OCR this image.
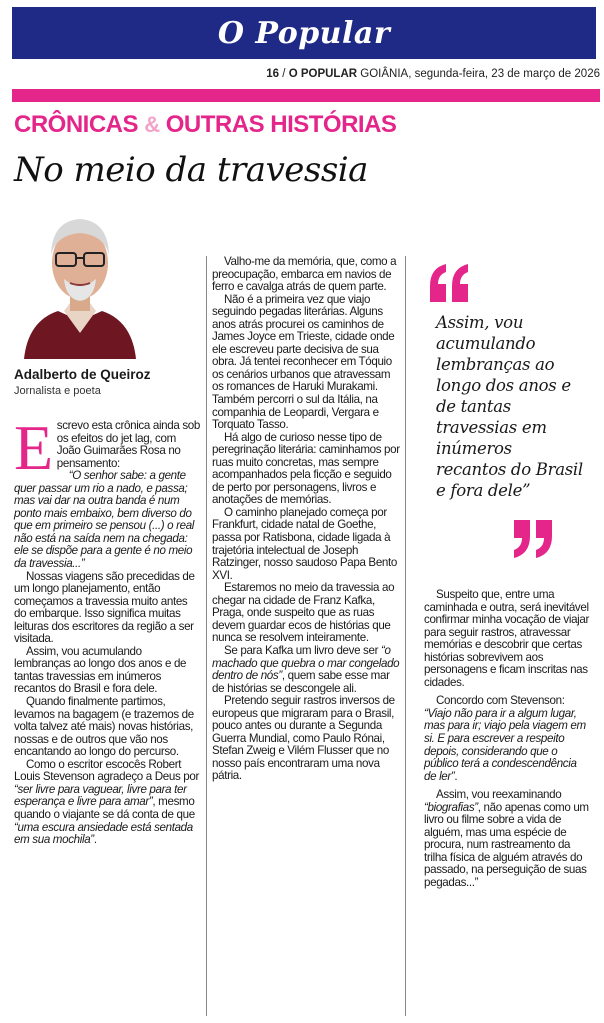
O Popular
16 / O POPULAR GOIÂNIA, segunda-feira, 23 de março de 2026
CRÔNICAS & OUTRAS HISTÓRIAS
No meio da travessia
Adalberto de Queiroz
Jornalista e poeta

Escrevo esta crônica ainda sob os efeitos do jet lag, com João Guimarães Rosa no pensamento:

“O senhor sabe: a gente quer passar um rio a nado, e passa; mas vai dar na outra banda é num ponto mais embaixo, bem diverso do que em primeiro se pensou (...) o real não está na saída nem na chegada: ele se dispõe para a gente é no meio da travessia...”

Nossas viagens são precedidas de um longo planejamento, então começamos a travessia muito antes do embarque. Isso significa muitas leituras dos escritores da região a ser visitada.

Assim, vou acumulando lembranças ao longo dos anos e de tantas travessias em inúmeros recantos do Brasil e fora dele.

Quando finalmente partimos, levamos na bagagem (e trazemos de volta talvez até mais) novas histórias, nossas e de outros que vão nos encantando ao longo do percurso.

Como o escritor escocês Robert Louis Stevenson agradeço a Deus por “ser livre para vaguear, livre para ter esperança e livre para amar”, mesmo quando o viajante se dá conta de que “uma escura ansiedade está sentada em sua mochila”.

Valho-me da memória, que, como a preocupação, embarca em navios de ferro e cavalga atrás de quem parte.

Não é a primeira vez que viajo seguindo pegadas literárias. Alguns anos atrás procurei os caminhos de James Joyce em Trieste, cidade onde ele escreveu parte decisiva de sua obra. Já tentei reconhecer em Tóquio os cenários urbanos que atravessam os romances de Haruki Murakami. Também percorri o sul da Itália, na companhia de Leopardi, Vergara e Torquato Tasso.

Há algo de curioso nesse tipo de peregrinação literária: caminhamos por ruas muito concretas, mas sempre acompanhados pela ficção e seguido de perto por personagens, livros e anotações de memórias.

O caminho planejado começa por Frankfurt, cidade natal de Goethe, passa por Ratisbona, cidade ligada à trajetória intelectual de Joseph Ratzinger, nosso saudoso Papa Bento XVI.

Estaremos no meio da travessia ao chegar na cidade de Franz Kafka, Praga, onde suspeito que as ruas devem guardar ecos de histórias que nunca se resolvem inteiramente.

Se para Kafka um livro deve ser “o machado que quebra o mar congelado dentro de nós”, quem sabe esse mar de histórias se descongele ali.

Pretendo seguir rastros inversos de europeus que migraram para o Brasil, pouco antes ou durante a Segunda Guerra Mundial, como Paulo Rónai, Stefan Zweig e Vilém Flusser que no nosso país encontraram uma nova pátria.

Assim, vou acumulando lembranças ao longo dos anos e de tantas travessias em inúmeros recantos do Brasil e fora dele”

Suspeito que, entre uma caminhada e outra, será inevitável confirmar minha vocação de viajar para seguir rastros, atravessar memórias e descobrir que certas histórias sobrevivem aos personagens e ficam inscritas nas cidades.

Concordo com Stevenson:
“Viajo não para ir a algum lugar, mas para ir; viajo pela viagem em si. E para escrever a respeito depois, considerando que o público terá a condescendência de ler”.

Assim, vou reexaminando
“biografias”, não apenas como um livro ou filme sobre a vida de alguém, mas uma espécie de procura, num rastreamento da trilha física de alguém através do passado, na perseguição de suas pegadas...”
